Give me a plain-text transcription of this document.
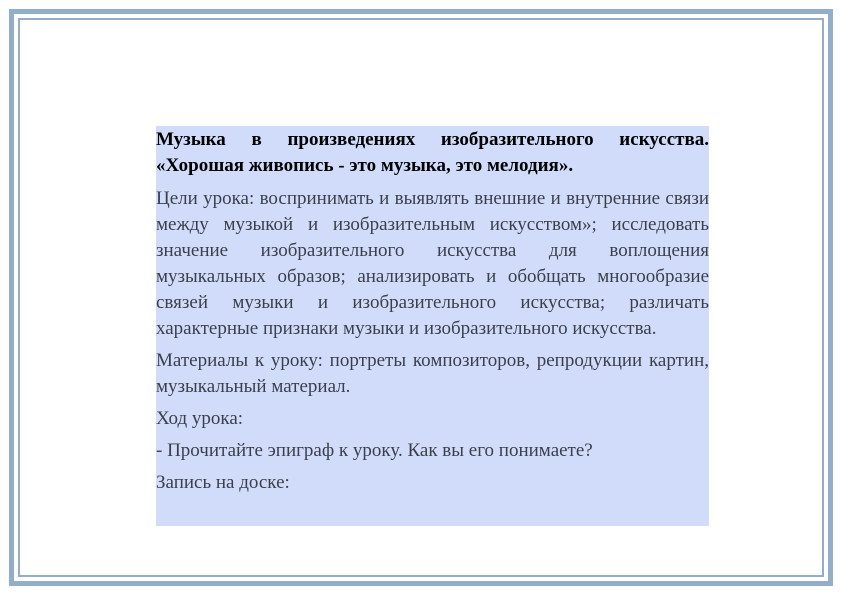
Музыка в произведениях изобразительного искусства. «Хорошая живопись - это музыка, это мелодия».

Цели урока: воспринимать и выявлять внешние и внутренние связи между музыкой и изобразительным искусством»; исследовать значение изобразительного искусства для воплощения музыкальных образов; анализировать и обобщать многообразие связей музыки и изобразительного искусства; различать характерные признаки музыки и изобразительного искусства.

Материалы к уроку: портреты композиторов, репродукции картин, музыкальный материал.

Ход урока:

- Прочитайте эпиграф к уроку. Как вы его понимаете?

Запись на доске:
